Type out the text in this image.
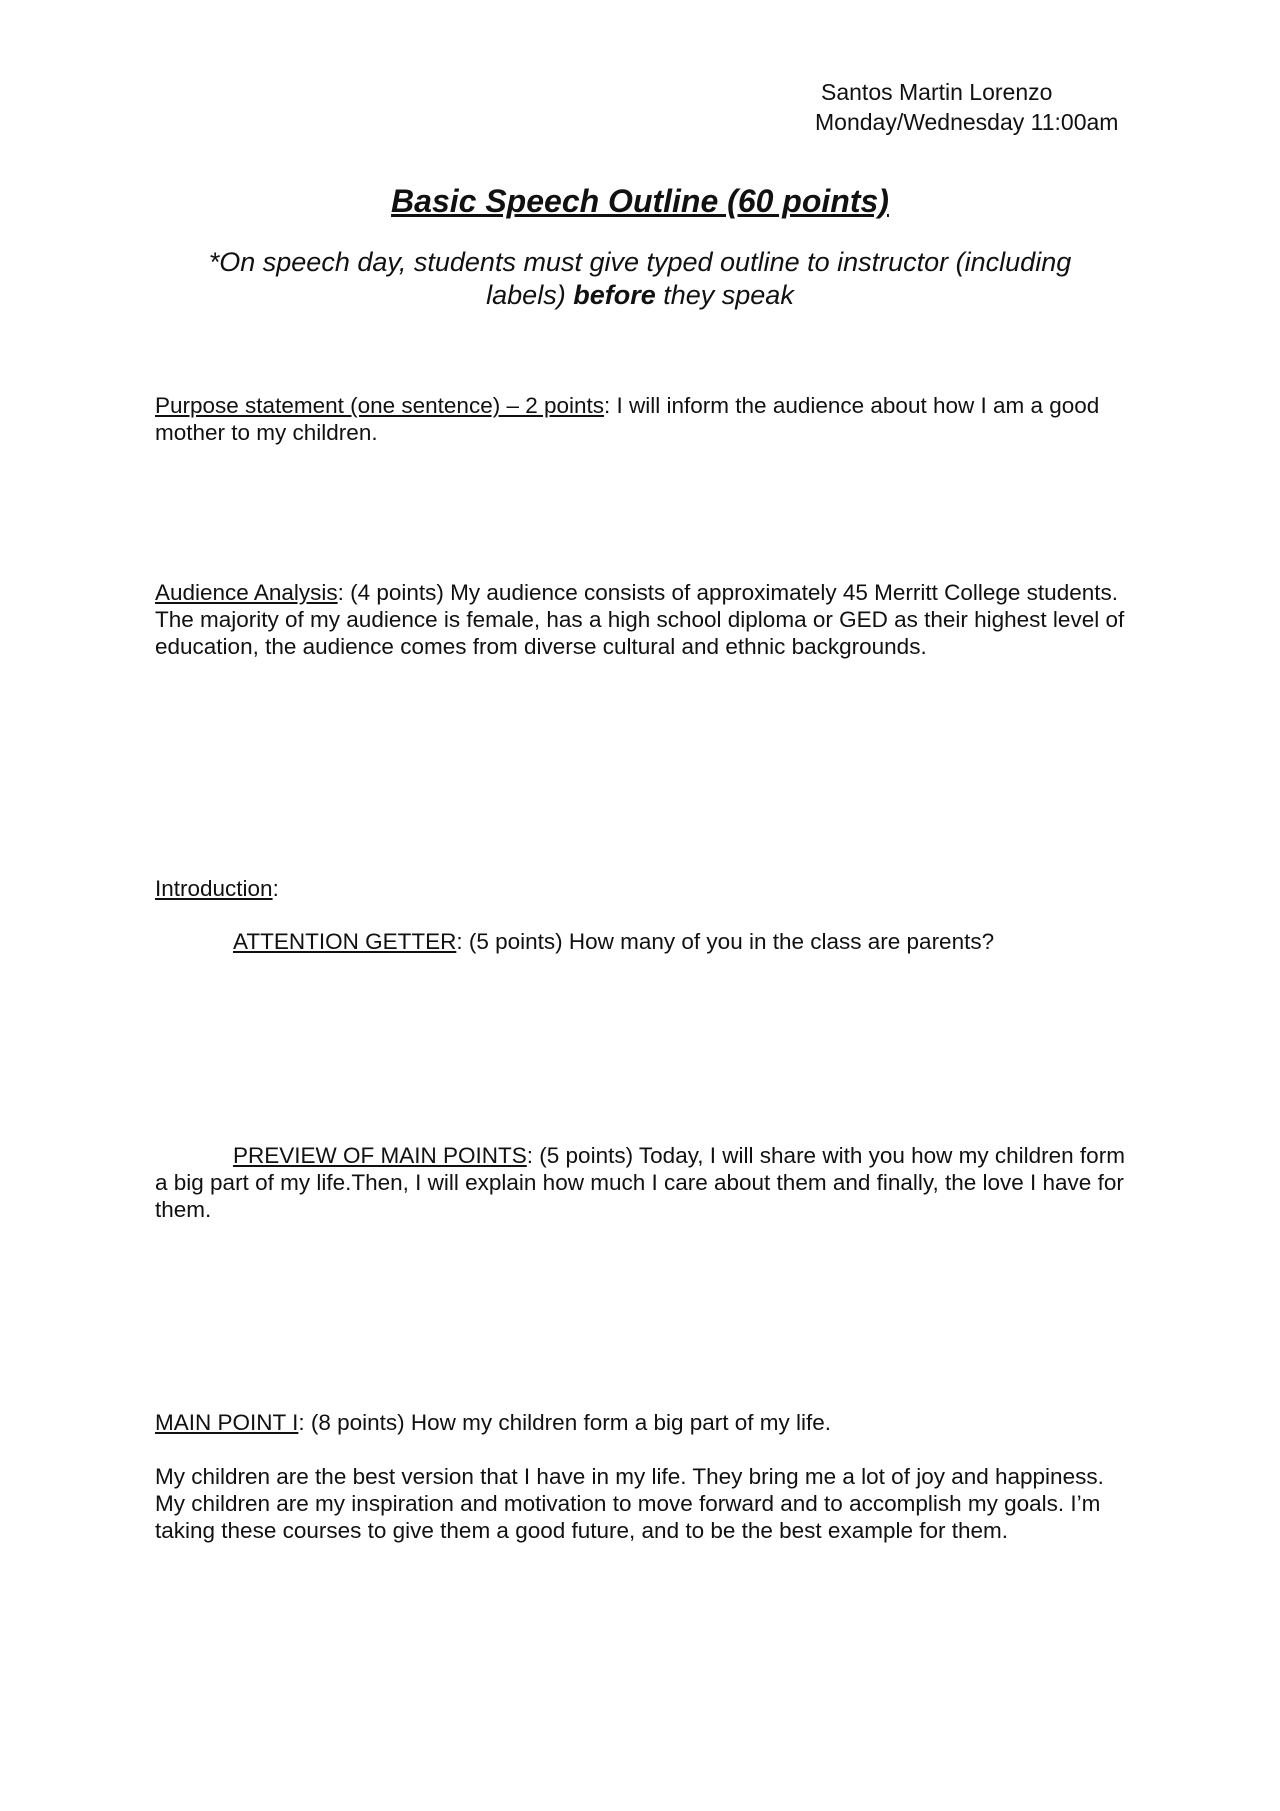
Santos Martin Lorenzo
Monday/Wednesday 11:00am
Basic Speech Outline (60 points)
*On speech day, students must give typed outline to instructor (including labels) before they speak
Purpose statement (one sentence) – 2 points: I will inform the audience about how I am a good mother to my children.
Audience Analysis: (4 points) My audience consists of approximately 45 Merritt College students. The majority of my audience is female, has a high school diploma or GED as their highest level of education, the audience comes from diverse cultural and ethnic backgrounds.
Introduction:
ATTENTION GETTER: (5 points) How many of you in the class are parents?
PREVIEW OF MAIN POINTS: (5 points) Today, I will share with you how my children form a big part of my life.Then, I will explain how much I care about them and finally, the love I have for them.
MAIN POINT I: (8 points) How my children form a big part of my life.
My children are the best version that I have in my life. They bring me a lot of joy and happiness. My children are my inspiration and motivation to move forward and to accomplish my goals. I’m taking these courses to give them a good future, and to be the best example for them.
